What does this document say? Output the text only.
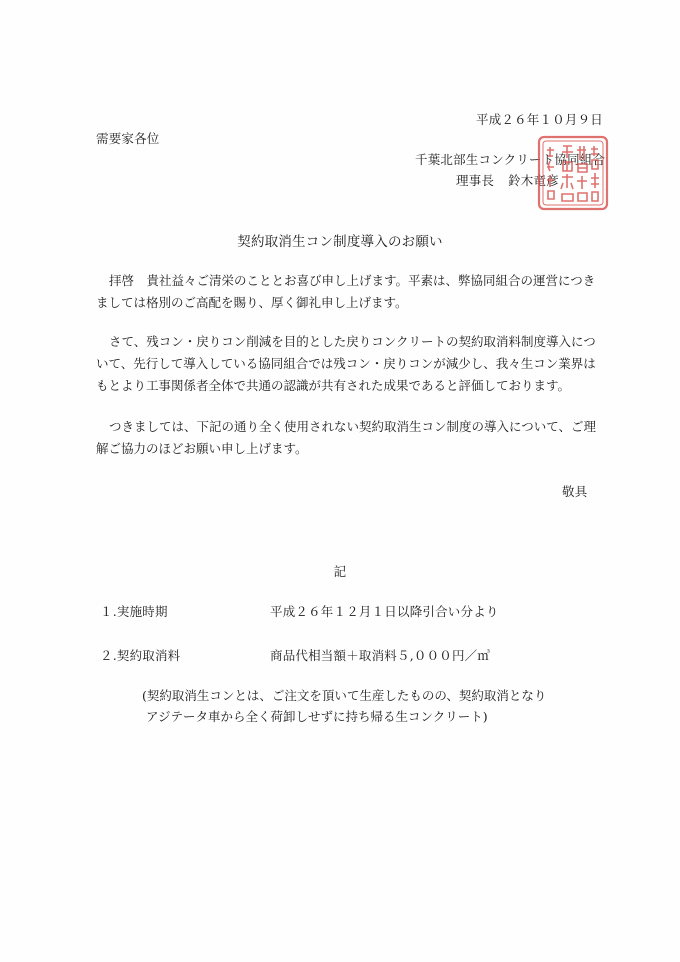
平成２６年１０月９日
需要家各位
千葉北部生コンクリート協同組合
理事長 鈴木竜彦
契約取消生コン制度導入のお願い
拝啓　貴社益々ご清栄のこととお喜び申し上げます。平素は、弊協同組合の運営につき
ましては格別のご高配を賜り、厚く御礼申し上げます。
さて、残コン・戻りコン削減を目的とした戻りコンクリートの契約取消料制度導入につ
いて、先行して導入している協同組合では残コン・戻りコンが減少し、我々生コン業界は
もとより工事関係者全体で共通の認識が共有された成果であると評価しております。
つきましては、下記の通り全く使用されない契約取消生コン制度の導入について、ご理
解ご協力のほどお願い申し上げます。
敬具
記
１.実施時期	平成２６年１２月１日以降引合い分より
２.契約取消料	商品代相当額＋取消料５,０００円／㎥
(契約取消生コンとは、ご注文を頂いて生産したものの、契約取消となり
アジテータ車から全く荷卸しせずに持ち帰る生コンクリート)
